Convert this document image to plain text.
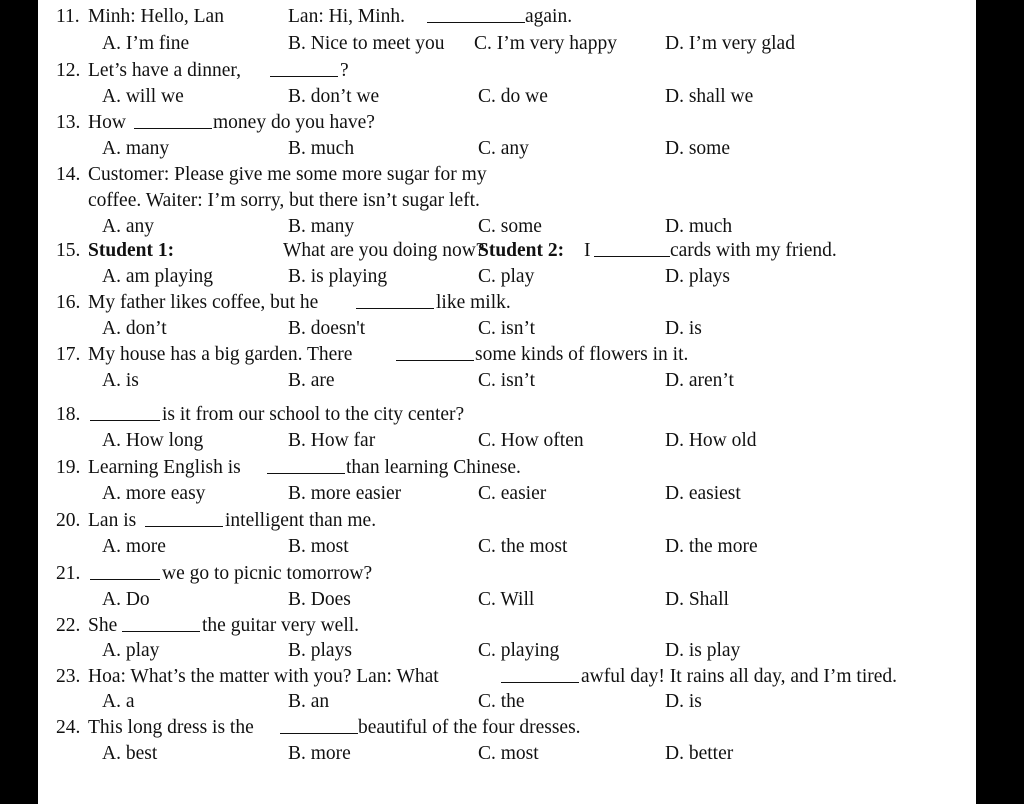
11. Minh: Hello, Lan	Lan: Hi, Minh.	again.
A. I’m fine	B. Nice to meet you C. I’m very happy D. I’m very glad
12. Let’s have a dinner,	?
A. will we	B. don’t we	C. do we	D. shall we
13. How	money do you have?
A. many	B. much	C. any	D. some
14. Customer: Please give me some more sugar for my
coffee. Waiter: I’m sorry, but there isn’t sugar left.
A. any	B. many	C. some	D. much
15. Student 1:	What are you doing now?
Student 2: I	cards with my friend.
A. am playing	B. is playing	C. play	D. plays
16. My father likes coffee, but he	like milk.
A. don’t	B. doesn't	C. isn’t	D. is
17. My house has a big garden. There	some kinds of flowers in it.
A. is	B. are	C. isn’t	D. aren’t
18.	is it from our school to the city center?
A. How long	B. How far	C. How often	D. How old
19. Learning English is	than learning Chinese.
A. more easy	B. more easier	C. easier	D. easiest
20. Lan is	intelligent than me.
A. more	B. most	C. the most	D. the more
21.	we go to picnic tomorrow?
A. Do	B. Does	C. Will	D. Shall
22. She	the guitar very well.
A. play	B. plays	C. playing	D. is play
23. Hoa: What’s the matter with you? Lan: What	awful day! It rains all day, and I’m tired.
A. a	B. an	C. the	D. is
24. This long dress is the	beautiful of the four dresses.
A. best	B. more	C. most	D. better
